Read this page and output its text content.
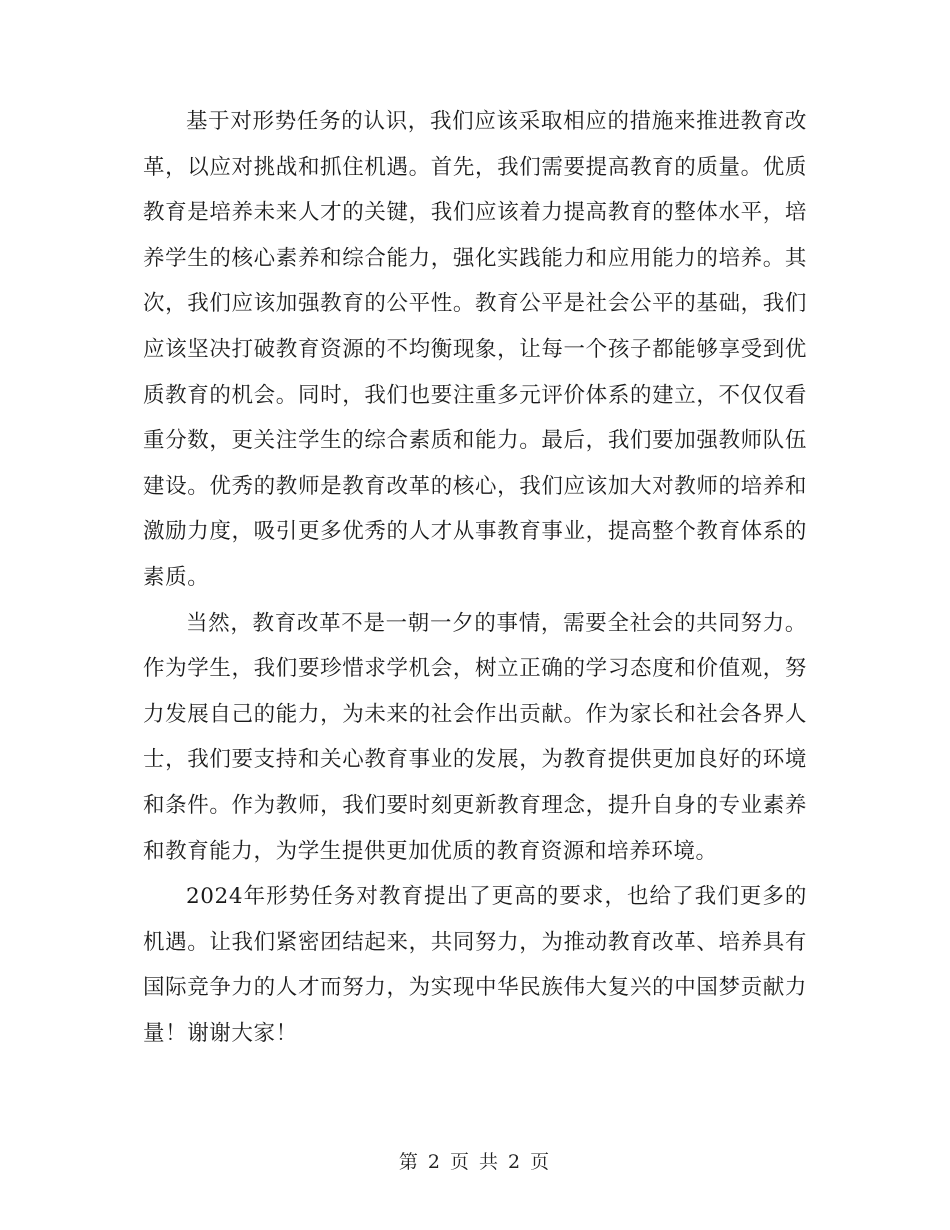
基于对形势任务的认识，我们应该采取相应的措施来推进教育改革，以应对挑战和抓住机遇。首先，我们需要提高教育的质量。优质教育是培养未来人才的关键，我们应该着力提高教育的整体水平，培养学生的核心素养和综合能力，强化实践能力和应用能力的培养。其次，我们应该加强教育的公平性。教育公平是社会公平的基础，我们应该坚决打破教育资源的不均衡现象，让每一个孩子都能够享受到优质教育的机会。同时，我们也要注重多元评价体系的建立，不仅仅看重分数，更关注学生的综合素质和能力。最后，我们要加强教师队伍建设。优秀的教师是教育改革的核心，我们应该加大对教师的培养和激励力度，吸引更多优秀的人才从事教育事业，提高整个教育体系的素质。

当然，教育改革不是一朝一夕的事情，需要全社会的共同努力。作为学生，我们要珍惜求学机会，树立正确的学习态度和价值观，努力发展自己的能力，为未来的社会作出贡献。作为家长和社会各界人士，我们要支持和关心教育事业的发展，为教育提供更加良好的环境和条件。作为教师，我们要时刻更新教育理念，提升自身的专业素养和教育能力，为学生提供更加优质的教育资源和培养环境。

2024年形势任务对教育提出了更高的要求，也给了我们更多的机遇。让我们紧密团结起来，共同努力，为推动教育改革、培养具有国际竞争力的人才而努力，为实现中华民族伟大复兴的中国梦贡献力量！谢谢大家！

第 2 页 共 2 页
